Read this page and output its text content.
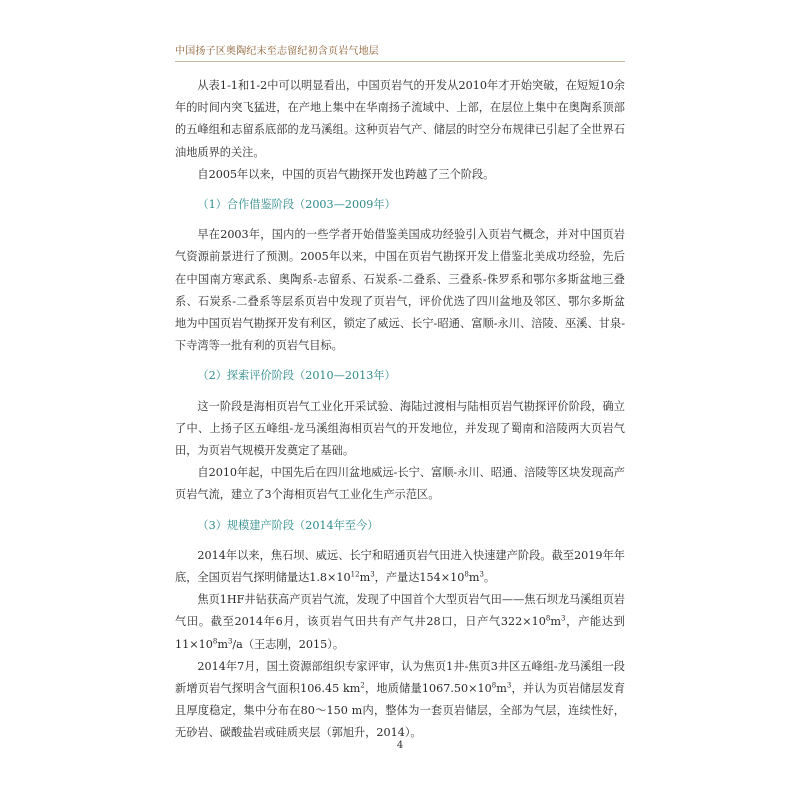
中国扬子区奥陶纪末至志留纪初含页岩气地层

从表1-1和1-2中可以明显看出，中国页岩气的开发从2010年才开始突破，在短短10余年的时间内突飞猛进，在产地上集中在华南扬子流域中、上部，在层位上集中在奥陶系顶部的五峰组和志留系底部的龙马溪组。这种页岩气产、储层的时空分布规律已引起了全世界石油地质界的关注。

自2005年以来，中国的页岩气勘探开发也跨越了三个阶段。

（1）合作借鉴阶段（2003—2009年）

早在2003年，国内的一些学者开始借鉴美国成功经验引入页岩气概念，并对中国页岩气资源前景进行了预测。2005年以来，中国在页岩气勘探开发上借鉴北美成功经验，先后在中国南方寒武系、奥陶系-志留系、石炭系-二叠系、三叠系-侏罗系和鄂尔多斯盆地三叠系、石炭系-二叠系等层系页岩中发现了页岩气，评价优选了四川盆地及邻区、鄂尔多斯盆地为中国页岩气勘探开发有利区，锁定了威远、长宁-昭通、富顺-永川、涪陵、巫溪、甘泉-下寺湾等一批有利的页岩气目标。

（2）探索评价阶段（2010—2013年）

这一阶段是海相页岩气工业化开采试验、海陆过渡相与陆相页岩气勘探评价阶段，确立了中、上扬子区五峰组-龙马溪组海相页岩气的开发地位，并发现了蜀南和涪陵两大页岩气田，为页岩气规模开发奠定了基础。

自2010年起，中国先后在四川盆地威远-长宁、富顺-永川、昭通、涪陵等区块发现高产页岩气流，建立了3个海相页岩气工业化生产示范区。

（3）规模建产阶段（2014年至今）

2014年以来，焦石坝、威远、长宁和昭通页岩气田进入快速建产阶段。截至2019年年底，全国页岩气探明储量达$1.8\times 10^{12}m^3$，产量达$154\times 10^8m^3$。

焦页1HF井钻获高产页岩气流，发现了中国首个大型页岩气田——焦石坝龙马溪组页岩气田。截至2014年6月，该页岩气田共有产气井28口，日产气$322\times 10^8m^3$，产能达到$11\times 10^8m^3/a$（王志刚，2015）。

2014年7月，国土资源部组织专家评审，认为焦页1井-焦页3井区五峰组-龙马溪组一段新增页岩气探明含气面积106.45 $km^2$，地质储量$1067.50\times 10^8m^3$，并认为页岩储层发育且厚度稳定，集中分布在80～150 m内，整体为一套页岩储层，全部为气层，连续性好，无砂岩、碳酸盐岩或硅质夹层（郭旭升，2014）。

4
